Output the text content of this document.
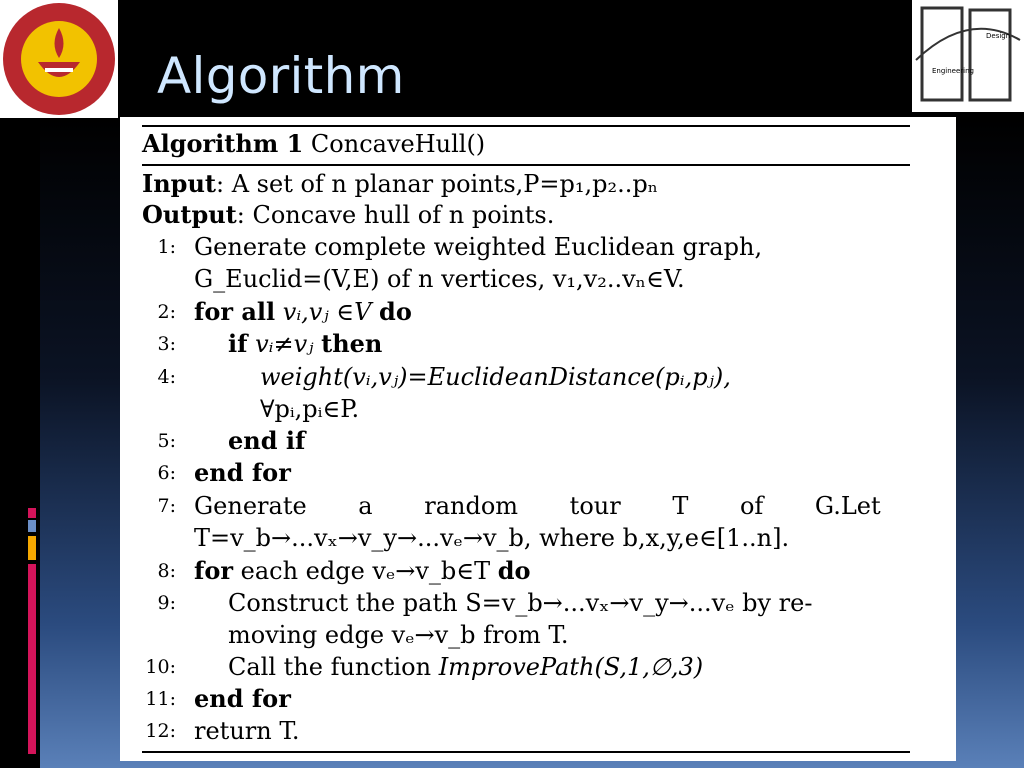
Design
Engineering
Algorithm
Algorithm 1 ConcaveHull()
Input: A set of n planar points,P=p₁,p₂..pₙ
Output: Concave hull of n points.
1: Generate complete weighted Euclidean graph,
G_Euclid=(V,E) of n vertices, v₁,v₂..vₙ∈V.
2: for all vᵢ,vⱼ ∈V do
3: if vᵢ≠vⱼ then
4:	weight(vᵢ,vⱼ)=EuclideanDistance(pᵢ,pⱼ),
∀pᵢ,pᵢ∈P.
5: end if
6: end for
7: Generate a random tour T of G.Let
T=v_b→...vₓ→v_y→...vₑ→v_b, where b,x,y,e∈[1..n].
8: for each edge vₑ→v_b∈T do
9: Construct the path S=v_b→...vₓ→v_y→...vₑ by re-
moving edge vₑ→v_b from T.
10: Call the function ImprovePath(S,1,∅,3)
11: end for
12: return T.
